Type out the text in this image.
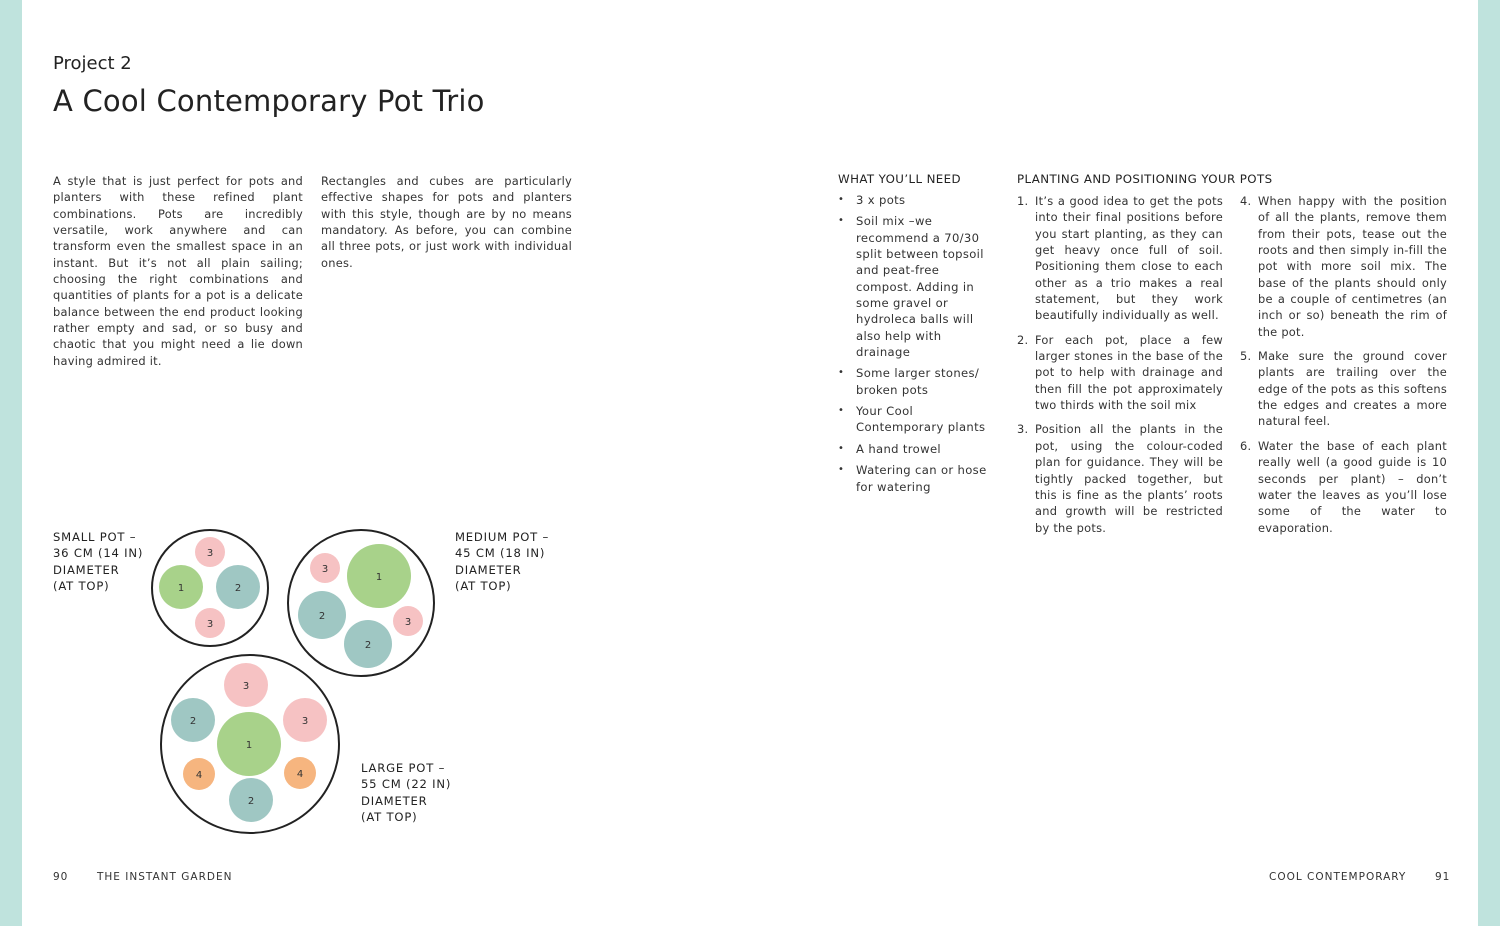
Project 2
A Cool Contemporary Pot Trio

A style that is just perfect for pots and planters with these refined plant combinations. Pots are incredibly versatile, work anywhere and can transform even the smallest space in an instant. But it’s not all plain sailing; choosing the right combinations and quantities of plants for a pot is a delicate balance between the end product looking rather empty and sad, or so busy and chaotic that you might need a lie down having admired it.

Rectangles and cubes are particularly effective shapes for pots and planters with this style, though are by no means mandatory. As before, you can combine all three pots, or just work with individual ones.

WHAT YOU’LL NEED
• 3 x pots
• Soil mix –we recommend a 70/30 split between topsoil and peat-free compost. Adding in some gravel or hydroleca balls will also help with drainage
• Some larger stones/ broken pots
• Your Cool Contemporary plants
• A hand trowel
• Watering can or hose for watering
PLANTING AND POSITIONING YOUR POTS
1. It’s a good idea to get the pots into their final positions before you start planting, as they can get heavy once full of soil. Positioning them close to each other as a trio makes a real statement, but they work beautifully individually as well.
2. For each pot, place a few larger stones in the base of the pot to help with drainage and then fill the pot approximately two thirds with the soil mix
3. Position all the plants in the pot, using the colour-coded plan for guidance. They will be tightly packed together, but this is fine as the plants’ roots and growth will be restricted by the pots.
4. When happy with the position of all the plants, remove them from their pots, tease out the roots and then simply in-fill the pot with more soil mix. The base of the plants should only be a couple of centimetres (an inch or so) beneath the rim of the pot.
5. Make sure the ground cover plants are trailing over the edge of the pots as this softens the edges and creates a more natural feel.
6. Water the base of each plant really well (a good guide is 10 seconds per plant) – don’t water the leaves as you’ll lose some of the water to evaporation.
SMALL POT –
36 CM (14 IN)
DIAMETER
(AT TOP)
MEDIUM POT –
45 CM (18 IN)
DIAMETER
(AT TOP)
LARGE POT –
55 CM (22 IN)
DIAMETER
(AT TOP)
3
1	2
3
3
1
2
3
2
3
2	3
1
4	4
2
90	THE INSTANT GARDEN	COOL CONTEMPORARY	91
